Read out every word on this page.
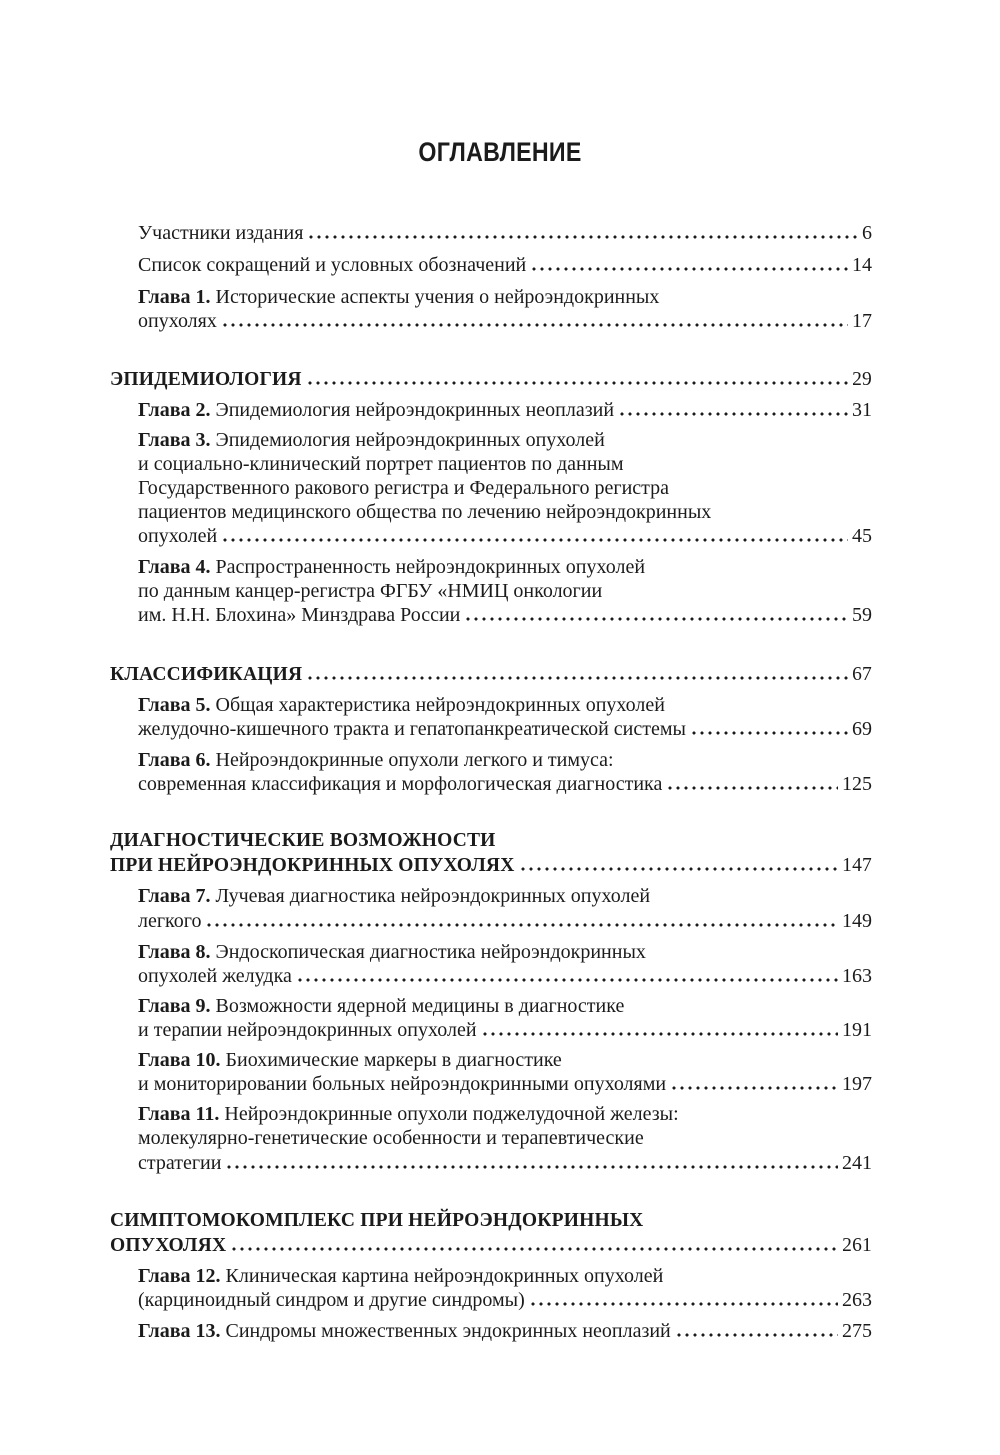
ОГЛАВЛЕНИЕ
Участники издания	6
Список сокращений и условных обозначений	14
Глава 1. Исторические аспекты учения о нейроэндокринных
опухолях	17
ЭПИДЕМИОЛОГИЯ	29
Глава 2. Эпидемиология нейроэндокринных неоплазий	31
Глава 3. Эпидемиология нейроэндокринных опухолей
и социально-клинический портрет пациентов по данным
Государственного ракового регистра и Федерального регистра
пациентов медицинского общества по лечению нейроэндокринных
опухолей	45
Глава 4. Распространенность нейроэндокринных опухолей
по данным канцер-регистра ФГБУ «НМИЦ онкологии
им. Н.Н. Блохина» Минздрава России	59
КЛАССИФИКАЦИЯ	67
Глава 5. Общая характеристика нейроэндокринных опухолей
желудочно-кишечного тракта и гепатопанкреатической системы	69
Глава 6. Нейроэндокринные опухоли легкого и тимуса:
современная классификация и морфологическая диагностика	125
ДИАГНОСТИЧЕСКИЕ ВОЗМОЖНОСТИ
ПРИ НЕЙРОЭНДОКРИННЫХ ОПУХОЛЯХ	147
Глава 7. Лучевая диагностика нейроэндокринных опухолей
легкого	149
Глава 8. Эндоскопическая диагностика нейроэндокринных
опухолей желудка	163
Глава 9. Возможности ядерной медицины в диагностике
и терапии нейроэндокринных опухолей	191
Глава 10. Биохимические маркеры в диагностике
и мониторировании больных нейроэндокринными опухолями	197
Глава 11. Нейроэндокринные опухоли поджелудочной железы:
молекулярно-генетические особенности и терапевтические
стратегии	241
СИМПТОМОКОМПЛЕКС ПРИ НЕЙРОЭНДОКРИННЫХ
ОПУХОЛЯХ	261
Глава 12. Клиническая картина нейроэндокринных опухолей
(карциноидный синдром и другие синдромы)	263
Глава 13. Синдромы множественных эндокринных неоплазий	275
